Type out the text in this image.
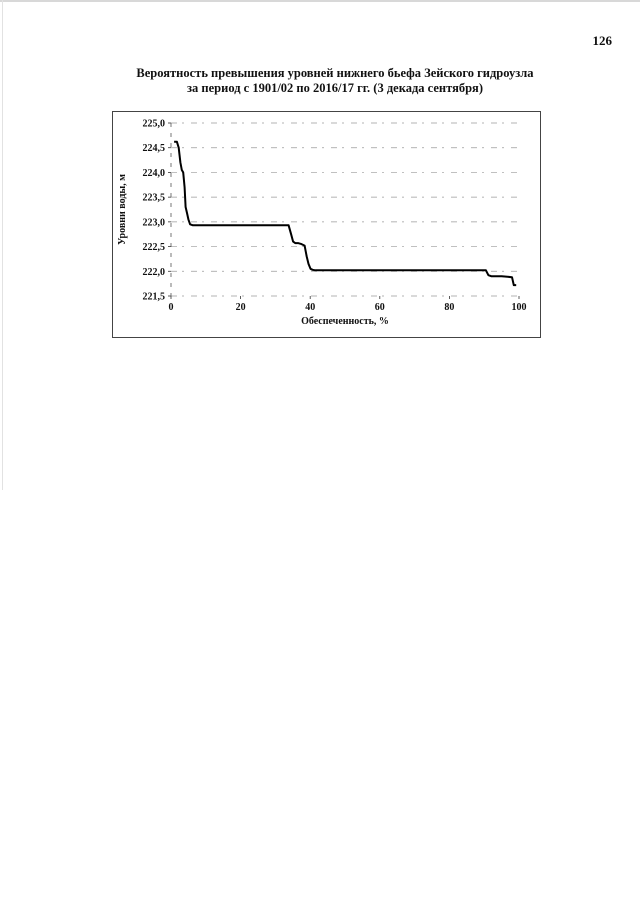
126
Вероятность превышения уровней нижнего бьефа Зейского гидроузла
за период с 1901/02 по 2016/17 гг. (3 декада сентября)
221,5
222,0
222,5
223,0
223,5
224,0
224,5
225,0
0	20	40	60	80	100
Обеспеченность, %
Уровни воды, м
